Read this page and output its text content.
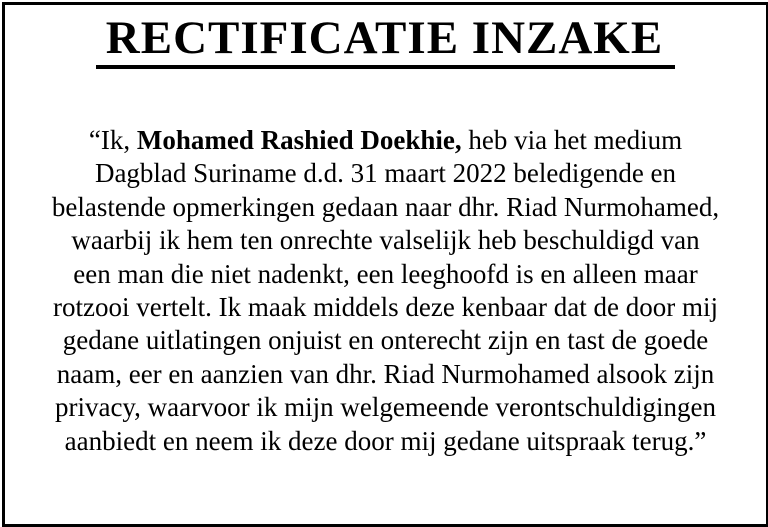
RECTIFICATIE INZAKE
“Ik, Mohamed Rashied Doekhie, heb via het medium
Dagblad Suriname d.d. 31 maart 2022 beledigende en
belastende opmerkingen gedaan naar dhr. Riad Nurmohamed,
waarbij ik hem ten onrechte valselijk heb beschuldigd van
een man die niet nadenkt, een leeghoofd is en alleen maar
rotzooi vertelt. Ik maak middels deze kenbaar dat de door mij
gedane uitlatingen onjuist en onterecht zijn en tast de goede
naam, eer en aanzien van dhr. Riad Nurmohamed alsook zijn
privacy, waarvoor ik mijn welgemeende verontschuldigingen
aanbiedt en neem ik deze door mij gedane uitspraak terug.”
